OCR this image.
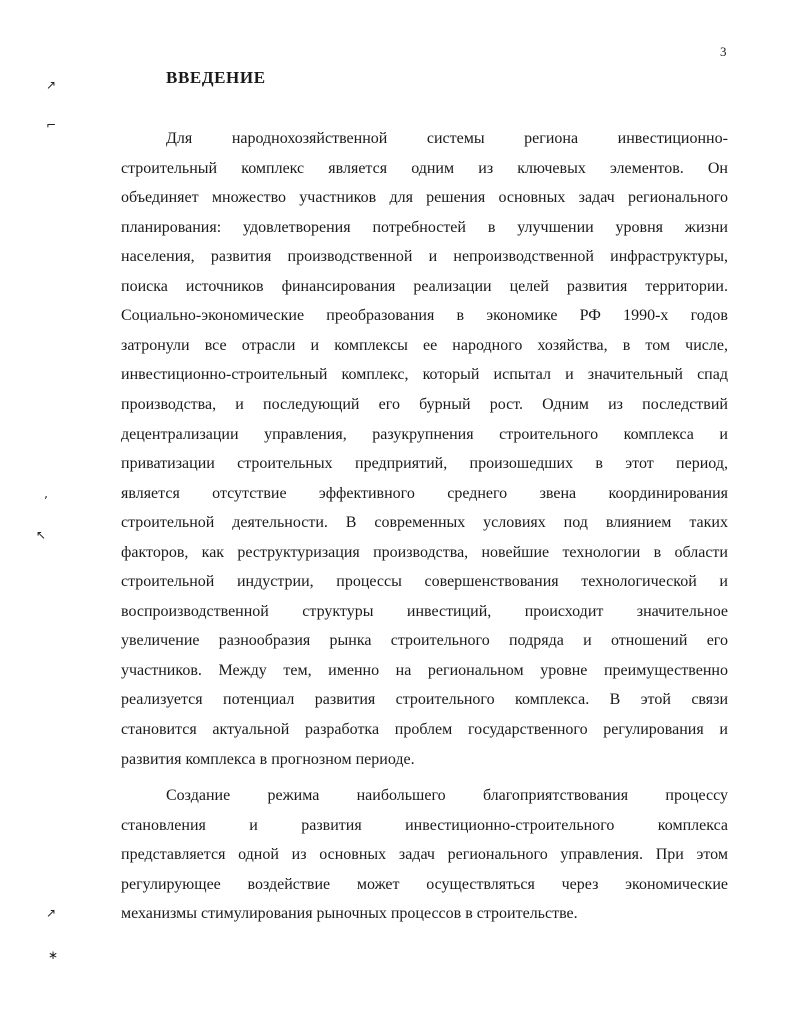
3
ВВЕДЕНИЕ
Для народнохозяйственной системы региона инвестиционно-
строительный комплекс является одним из ключевых элементов. Он
объединяет множество участников для решения основных задач регионального
планирования: удовлетворения потребностей в улучшении уровня жизни
населения, развития производственной и непроизводственной инфраструктуры,
поиска источников финансирования реализации целей развития территории.
Социально-экономические преобразования в экономике РФ 1990-х годов
затронули все отрасли и комплексы ее народного хозяйства, в том числе,
инвестиционно-строительный комплекс, который испытал и значительный спад
производства, и последующий его бурный рост. Одним из последствий
децентрализации управления, разукрупнения строительного комплекса и
приватизации строительных предприятий, произошедших в этот период,
является отсутствие эффективного среднего звена координирования
строительной деятельности. В современных условиях под влиянием таких
факторов, как реструктуризация производства, новейшие технологии в области
строительной индустрии, процессы совершенствования технологической и
воспроизводственной структуры инвестиций, происходит значительное
увеличение разнообразия рынка строительного подряда и отношений его
участников. Между тем, именно на региональном уровне преимущественно
реализуется потенциал развития строительного комплекса. В этой связи
становится актуальной разработка проблем государственного регулирования и
развития комплекса в прогнозном периоде.
Создание режима наибольшего благоприятствования процессу
становления	и	развития	инвестиционно-строительного	комплекса
представляется одной из основных задач регионального управления. При этом
регулирующее воздействие может осуществляться через экономические
механизмы стимулирования рыночных процессов в строительстве.
↗
⌐
ʼ
↖
↗
∗
